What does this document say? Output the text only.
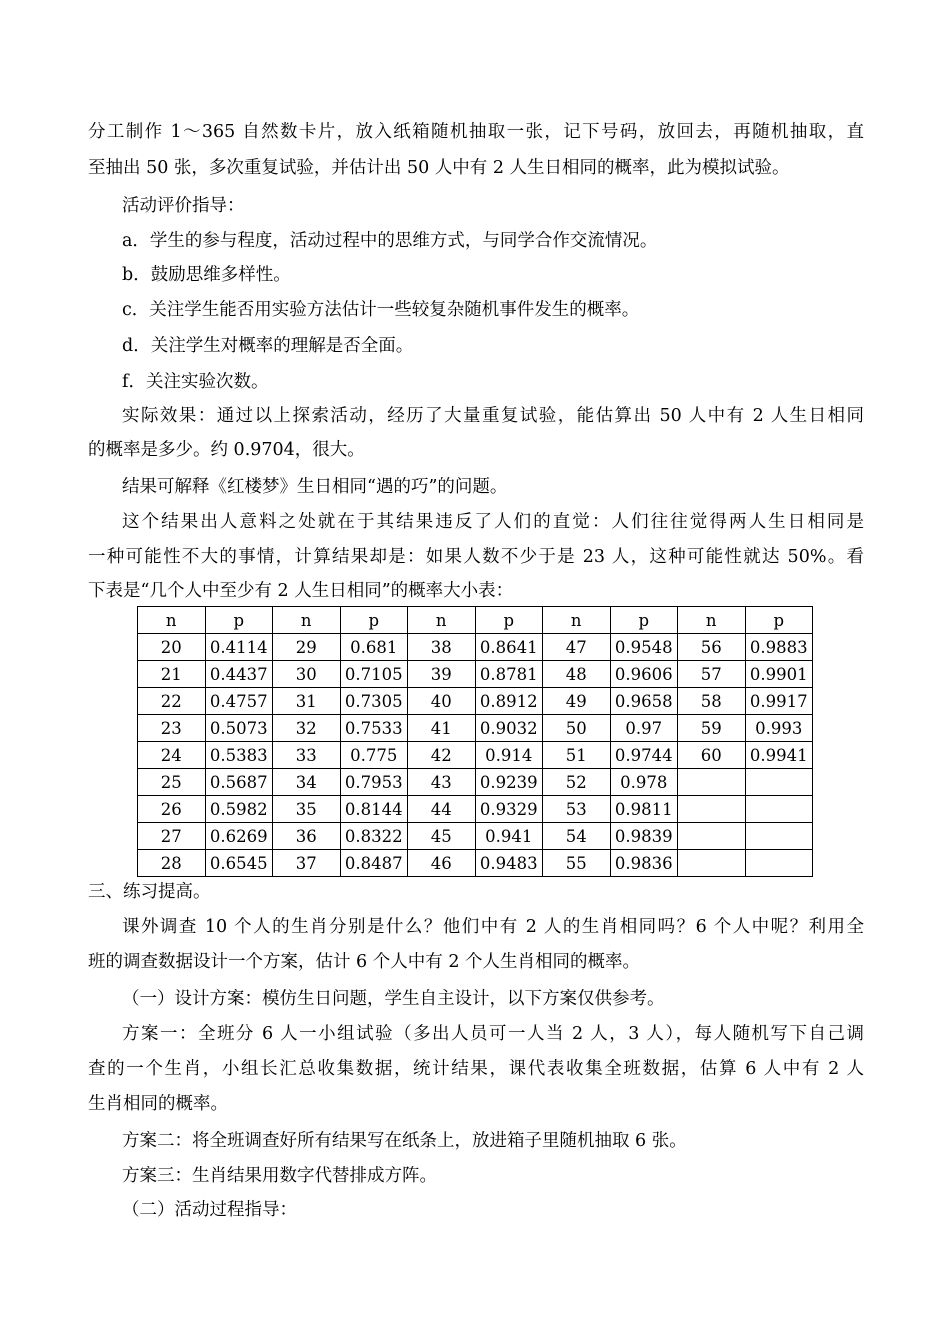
分工制作 1～365 自然数卡片，放入纸箱随机抽取一张，记下号码，放回去，再随机抽取，直
至抽出 50 张，多次重复试验，并估计出 50 人中有 2 人生日相同的概率，此为模拟试验。
活动评价指导：
a．学生的参与程度，活动过程中的思维方式，与同学合作交流情况。
b．鼓励思维多样性。
c．关注学生能否用实验方法估计一些较复杂随机事件发生的概率。
d．关注学生对概率的理解是否全面。
f．关注实验次数。
实际效果：通过以上探索活动，经历了大量重复试验，能估算出 50 人中有 2 人生日相同
的概率是多少。约 0.9704，很大。
结果可解释《红楼梦》生日相同“遇的巧”的问题。
这个结果出人意料之处就在于其结果违反了人们的直觉：人们往往觉得两人生日相同是
一种可能性不大的事情，计算结果却是：如果人数不少于是 23 人，这种可能性就达 50%。看
下表是“几个人中至少有 2 人生日相同”的概率大小表：
n	p	n	p	n	p	n	p	n	p
20	0.4114	29	0.681	38	0.8641	47	0.9548	56	0.9883
21	0.4437	30	0.7105	39	0.8781	48	0.9606	57	0.9901
22	0.4757	31	0.7305	40	0.8912	49	0.9658	58	0.9917
23	0.5073	32	0.7533	41	0.9032	50	0.97	59	0.993
24	0.5383	33	0.775	42	0.914	51	0.9744	60	0.9941
25	0.5687	34	0.7953	43	0.9239	52	0.978		
26	0.5982	35	0.8144	44	0.9329	53	0.9811		
27	0.6269	36	0.8322	45	0.941	54	0.9839		
28	0.6545	37	0.8487	46	0.9483	55	0.9836		
三、练习提高。
课外调查 10 个人的生肖分别是什么？他们中有 2 人的生肖相同吗？6 个人中呢？利用全
班的调查数据设计一个方案，估计 6 个人中有 2 个人生肖相同的概率。
（一）设计方案：模仿生日问题，学生自主设计，以下方案仅供参考。
方案一：全班分 6 人一小组试验（多出人员可一人当 2 人，3 人），每人随机写下自己调
查的一个生肖，小组长汇总收集数据，统计结果，课代表收集全班数据，估算 6 人中有 2 人
生肖相同的概率。
方案二：将全班调查好所有结果写在纸条上，放进箱子里随机抽取 6 张。
方案三：生肖结果用数字代替排成方阵。
（二）活动过程指导：
